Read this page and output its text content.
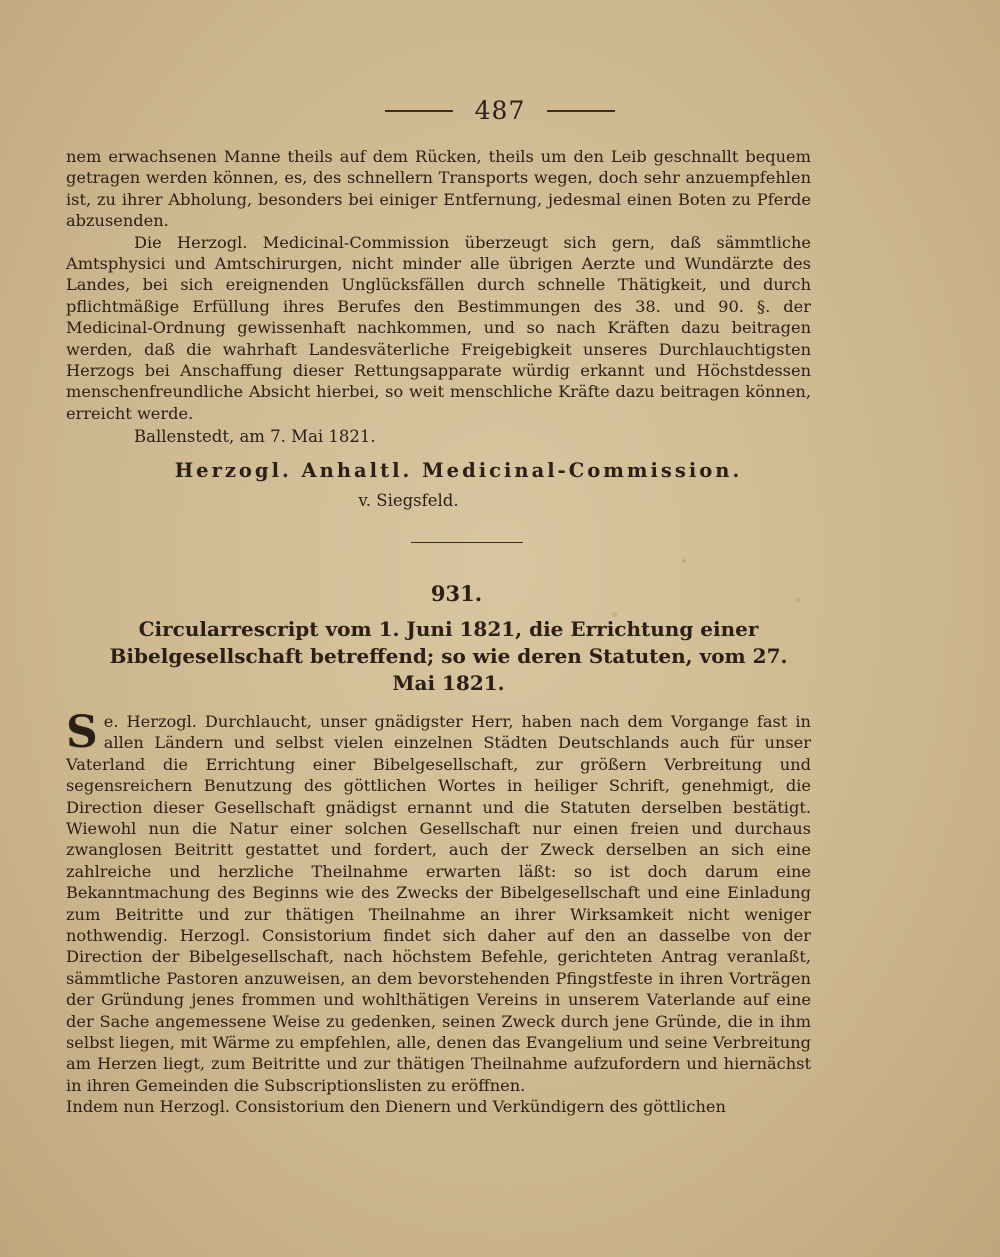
487

nem erwachsenen Manne theils auf dem Rücken, theils um den Leib geschnallt bequem getragen werden können, es, des schnellern Transports wegen, doch sehr anzuempfehlen ist, zu ihrer Abholung, besonders bei einiger Entfernung, jedesmal einen Boten zu Pferde abzusenden.

Die Herzogl. Medicinal-Commission überzeugt sich gern, daß sämmtliche Amtsphysici und Amtschirurgen, nicht minder alle übrigen Aerzte und Wundärzte des Landes, bei sich ereignenden Unglücksfällen durch schnelle Thätigkeit, und durch pflichtmäßige Erfüllung ihres Berufes den Bestimmungen des 38. und 90. §. der Medicinal-Ordnung gewissenhaft nachkommen, und so nach Kräften dazu beitragen werden, daß die wahrhaft Landesväterliche Freigebigkeit unseres Durchlauchtigsten Herzogs bei Anschaffung dieser Rettungsapparate würdig erkannt und Höchstdessen menschenfreundliche Absicht hierbei, so weit menschliche Kräfte dazu beitragen können, erreicht werde.

Ballenstedt, am 7. Mai 1821.

Herzogl. Anhaltl. Medicinal-Commission.
v. Siegsfeld.
931.
Circularrescript vom 1. Juni 1821, die Errichtung einer Bibelgesellschaft betreffend; so wie deren Statuten, vom 27. Mai 1821.

Se. Herzogl. Durchlaucht, unser gnädigster Herr, haben nach dem Vorgange fast in allen Ländern und selbst vielen einzelnen Städten Deutschlands auch für unser Vaterland die Errichtung einer Bibelgesellschaft, zur größern Verbreitung und segensreichern Benutzung des göttlichen Wortes in heiliger Schrift, genehmigt, die Direction dieser Gesellschaft gnädigst ernannt und die Statuten derselben bestätigt. Wiewohl nun die Natur einer solchen Gesellschaft nur einen freien und durchaus zwanglosen Beitritt gestattet und fordert, auch der Zweck derselben an sich eine zahlreiche und herzliche Theilnahme erwarten läßt: so ist doch darum eine Bekanntmachung des Beginns wie des Zwecks der Bibelgesellschaft und eine Einladung zum Beitritte und zur thätigen Theilnahme an ihrer Wirksamkeit nicht weniger nothwendig. Herzogl. Consistorium findet sich daher auf den an dasselbe von der Direction der Bibelgesellschaft, nach höchstem Befehle, gerichteten Antrag veranlaßt, sämmtliche Pastoren anzuweisen, an dem bevorstehenden Pfingstfeste in ihren Vorträgen der Gründung jenes frommen und wohlthätigen Vereins in unserem Vaterlande auf eine der Sache angemessene Weise zu gedenken, seinen Zweck durch jene Gründe, die in ihm selbst liegen, mit Wärme zu empfehlen, alle, denen das Evangelium und seine Verbreitung am Herzen liegt, zum Beitritte und zur thätigen Theilnahme aufzufordern und hiernächst in ihren Gemeinden die Subscriptionslisten zu eröffnen.

Indem nun Herzogl. Consistorium den Dienern und Verkündigern des göttlichen
